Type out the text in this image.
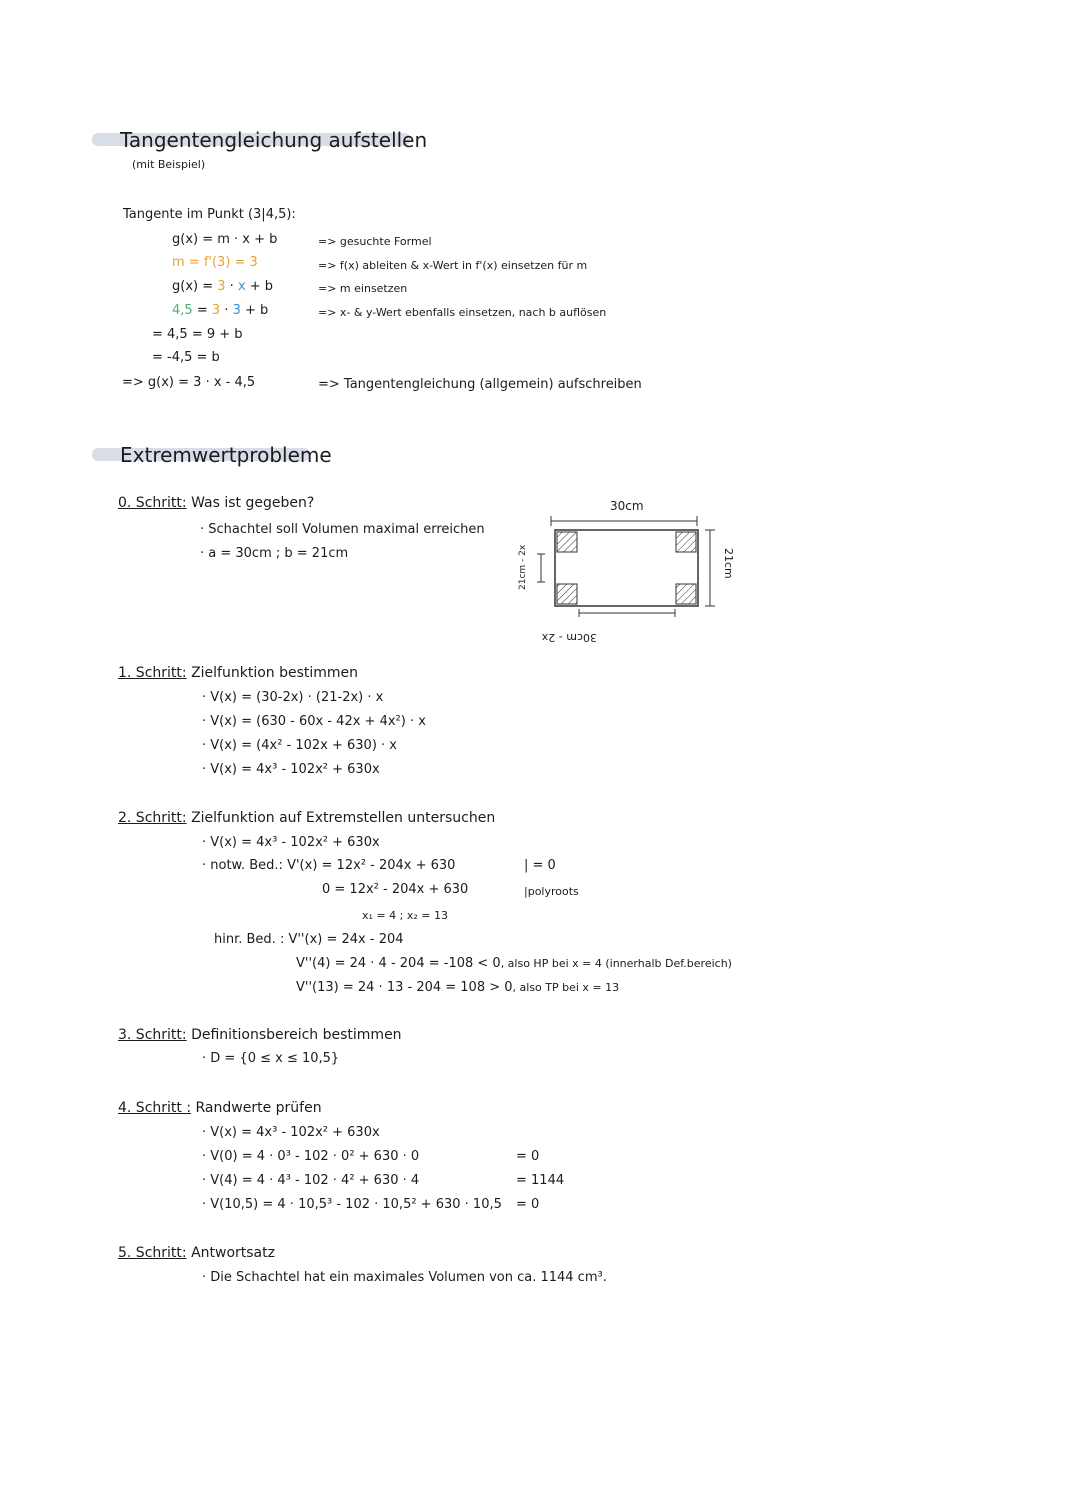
Tangentengleichung aufstellen
(mit Beispiel)
Tangente im Punkt (3|4,5):
g(x) = m · x + b
m = f'(3) = 3
g(x) = 3 · x + b
4,5 = 3 · 3 + b
= 4,5 = 9 + b
= -4,5 = b
=> g(x) = 3 · x - 4,5
=> gesuchte Formel
=> f(x) ableiten & x-Wert in f'(x) einsetzen für m
=> m einsetzen
=> x- & y-Wert ebenfalls einsetzen, nach b auflösen
=> Tangentengleichung (allgemein) aufschreiben
Extremwertprobleme
0. Schritt: Was ist gegeben?
· Schachtel soll Volumen maximal erreichen
· a = 30cm ; b = 21cm
30cm
21cm
21cm - 2x
30cm - 2x
1. Schritt: Zielfunktion bestimmen
· V(x) = (30-2x) · (21-2x) · x
· V(x) = (630 - 60x - 42x + 4x²) · x
· V(x) = (4x² - 102x + 630) · x
· V(x) = 4x³ - 102x² + 630x
2. Schritt: Zielfunktion auf Extremstellen untersuchen
· V(x) = 4x³ - 102x² + 630x
· notw. Bed.: V'(x) = 12x² - 204x + 630
0 = 12x² - 204x + 630
| = 0
|polyroots
x₁ = 4 ; x₂ = 13
hinr. Bed. : V''(x) = 24x - 204
V''(4) = 24 · 4 - 204 = -108 < 0, also HP bei x = 4 (innerhalb Def.bereich)
V''(13) = 24 · 13 - 204 = 108 > 0, also TP bei x = 13
3. Schritt: Definitionsbereich bestimmen
· D = {0 ≤ x ≤ 10,5}
4. Schritt : Randwerte prüfen
· V(x) = 4x³ - 102x² + 630x
· V(0) = 4 · 0³ - 102 · 0² + 630 · 0
· V(4) = 4 · 4³ - 102 · 4² + 630 · 4
· V(10,5) = 4 · 10,5³ - 102 · 10,5² + 630 · 10,5
= 0
= 1144
= 0
5. Schritt: Antwortsatz
· Die Schachtel hat ein maximales Volumen von ca. 1144 cm³.
